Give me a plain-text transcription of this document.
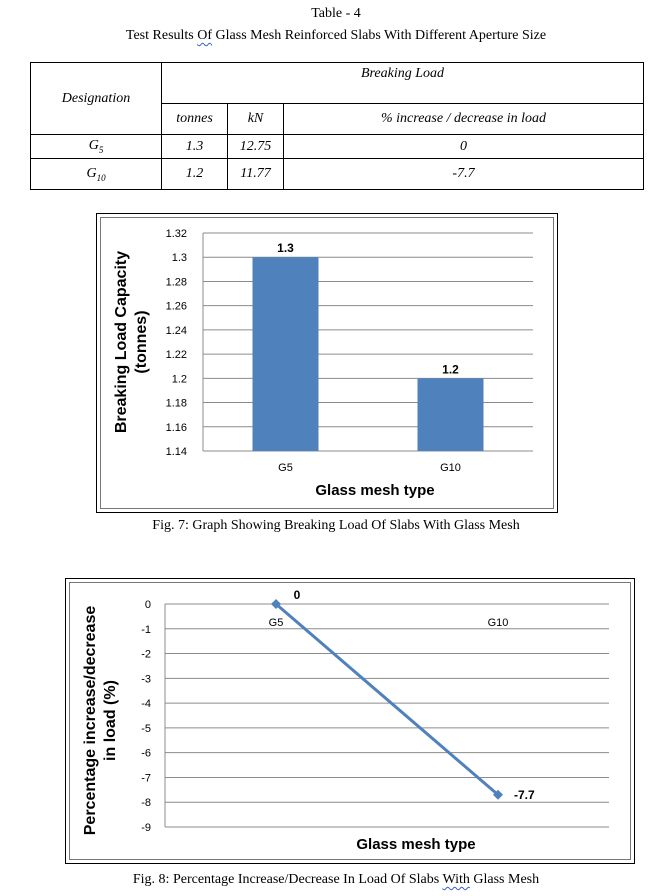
Table - 4
Test Results Of Glass Mesh Reinforced Slabs With Different Aperture Size
Designation	Breaking Load		
	tonnes	kN	% increase / decrease in load
$G_5$	1.3	12.75	0
$G_{10}$	1.2	11.77	-7.7
1.32
1.3
1.28
1.26
1.24
1.22
1.2
1.18
1.16
1.14
1.3
G5
1.2
G10
Glass mesh type
Breaking Load Capacity (tonnes)
Fig. 7: Graph Showing Breaking Load Of Slabs With Glass Mesh
0
-1
-2
-3
-4
-5
-6
-7
-8
-9
G5	G10
0
-7.7
Glass mesh type
Percentage increase/decrease in load (%)
Fig. 8: Percentage Increase/Decrease In Load Of Slabs With Glass Mesh
